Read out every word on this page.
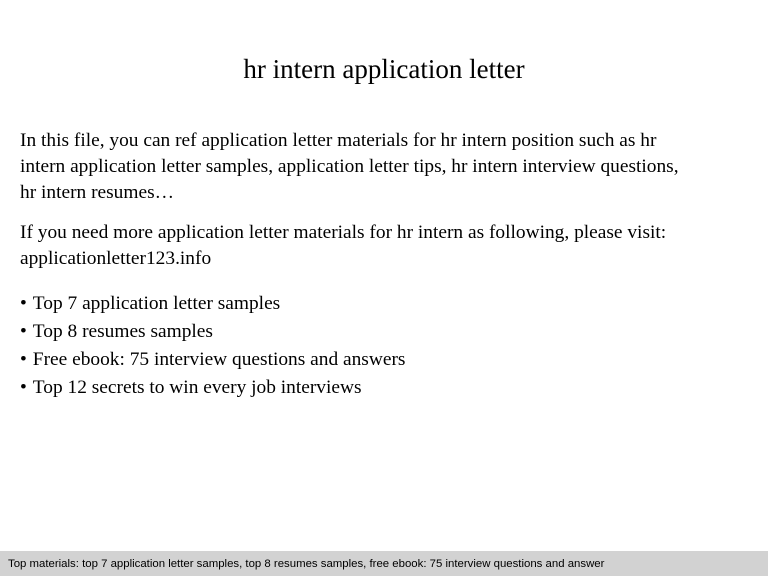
hr intern application letter
In this file, you can ref application letter materials for hr intern position such as hr
intern application letter samples, application letter tips, hr intern interview questions,
hr intern resumes…
If you need more application letter materials for hr intern as following, please visit:
applicationletter123.info
• Top 7 application letter samples
• Top 8 resumes samples
• Free ebook: 75 interview questions and answers
• Top 12 secrets to win every job interviews
Top materials: top 7 application letter samples, top 8 resumes samples, free ebook: 75 interview questions and answer
